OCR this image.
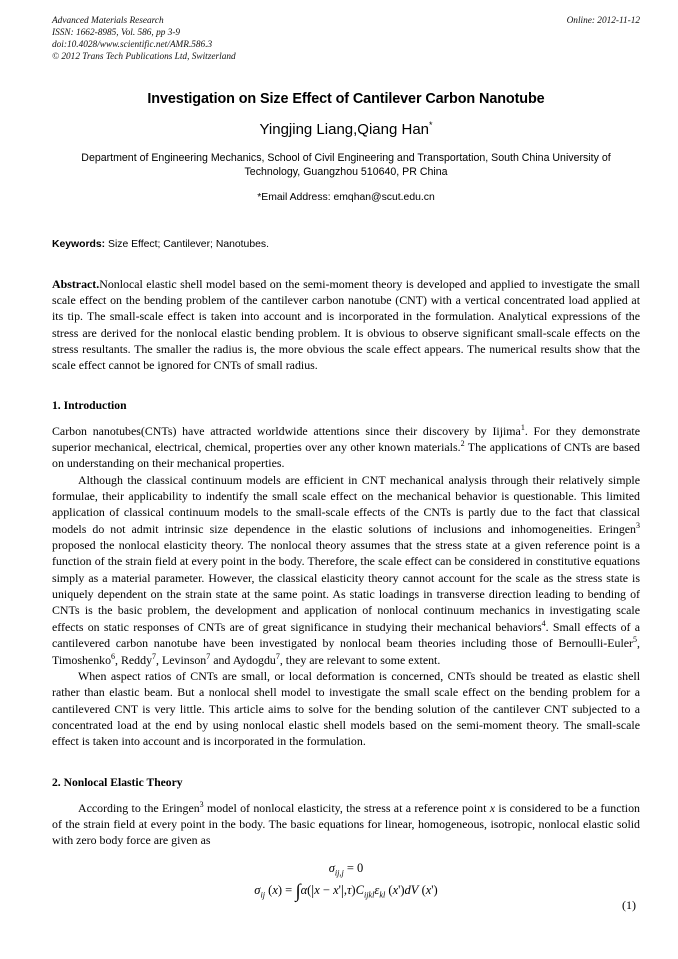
Advanced Materials Research
ISSN: 1662-8985, Vol. 586, pp 3-9
doi:10.4028/www.scientific.net/AMR.586.3
© 2012 Trans Tech Publications Ltd, Switzerland
Online: 2012-11-12
Investigation on Size Effect of Cantilever Carbon Nanotube
Yingjing Liang,Qiang Han*
Department of Engineering Mechanics, School of Civil Engineering and Transportation, South China University of Technology, Guangzhou 510640, PR China
*Email Address: emqhan@scut.edu.cn
Keywords: Size Effect; Cantilever; Nanotubes.
Abstract.Nonlocal elastic shell model based on the semi-moment theory is developed and applied to investigate the small scale effect on the bending problem of the cantilever carbon nanotube (CNT) with a vertical concentrated load applied at its tip. The small-scale effect is taken into account and is incorporated in the formulation. Analytical expressions of the stress are derived for the nonlocal elastic bending problem. It is obvious to observe significant small-scale effects on the stress resultants. The smaller the radius is, the more obvious the scale effect appears. The numerical results show that the scale effect cannot be ignored for CNTs of small radius.
1. Introduction

Carbon nanotubes(CNTs) have attracted worldwide attentions since their discovery by Iijima$^1$. For they demonstrate superior mechanical, electrical, chemical, properties over any other known materials.$^2$ The applications of CNTs are based on understanding on their mechanical properties.

Although the classical continuum models are efficient in CNT mechanical analysis through their relatively simple formulae, their applicability to indentify the small scale effect on the mechanical behavior is questionable. This limited application of classical continuum models to the small-scale effects of the CNTs is partly due to the fact that classical models do not admit intrinsic size dependence in the elastic solutions of inclusions and inhomogeneities. Eringen$^3$ proposed the nonlocal elasticity theory. The nonlocal theory assumes that the stress state at a given reference point is a function of the strain field at every point in the body. Therefore, the scale effect can be considered in constitutive equations simply as a material parameter. However, the classical elasticity theory cannot account for the scale as the stress state is uniquely dependent on the strain state at the same point. As static loadings in transverse direction leading to bending of CNTs is the basic problem, the development and application of nonlocal continuum mechanics in investigating scale effects on static responses of CNTs are of great significance in studying their mechanical behaviors$^4$. Small effects of a cantilevered carbon nanotube have been investigated by nonlocal beam theories including those of Bernoulli-Euler$^5$, Timoshenko$^6$, Reddy$^7$, Levinson$^7$ and Aydogdu$^7$, they are relevant to some extent.

When aspect ratios of CNTs are small, or local deformation is concerned, CNTs should be treated as elastic shell rather than elastic beam. But a nonlocal shell model to investigate the small scale effect on the bending problem for a cantilevered CNT is very little. This article aims to solve for the bending solution of the cantilever CNT subjected to a concentrated load at the end by using nonlocal elastic shell models based on the semi-moment theory. The small-scale effect is taken into account and is incorporated in the formulation.

2. Nonlocal Elastic Theory

According to the Eringen$^3$ model of nonlocal elasticity, the stress at a reference point x is considered to be a function of the strain field at every point in the body. The basic equations for linear, homogeneous, isotropic, nonlocal elastic solid with zero body force are given as

$\sigma_{ij,j} = 0$
$\sigma_{ij}$ $(x) = \int\alpha(|x - x'|,\tau)C_{ijkl}\varepsilon_{kl}$ (x')dV (x')
(1)
